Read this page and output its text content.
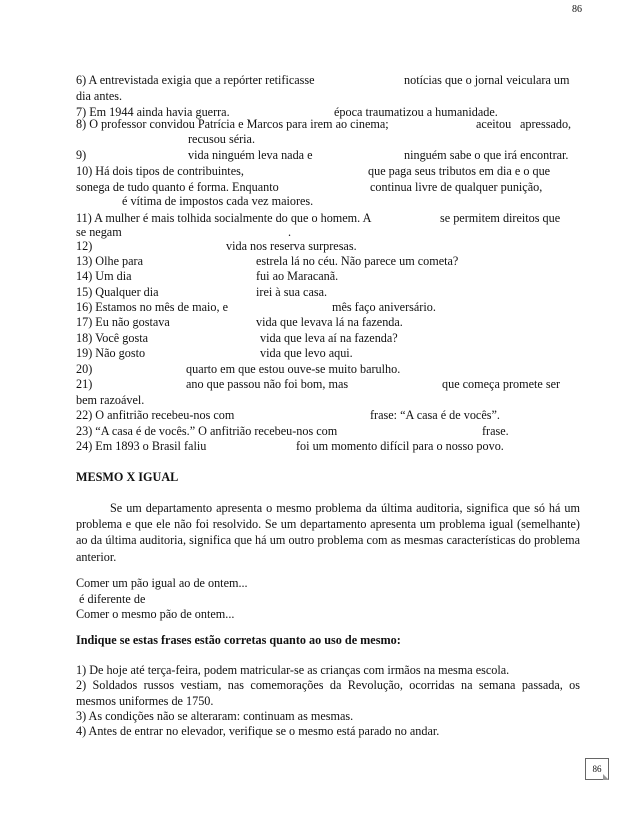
86
6) A entrevistada exigia que a repórter retificasse	notícias que o jornal veiculara um
dia antes.
7) Em 1944 ainda havia guerra.	época traumatizou a humanidade.
8) O professor convidou Patrícia e Marcos para irem ao cinema;	aceitou apressado,
recusou séria.
9)	vida ninguém leva nada e	ninguém sabe o que irá encontrar.
10) Há dois tipos de contribuintes,	que paga seus tributos em dia e o que
sonega de tudo quanto é forma. Enquanto	continua livre de qualquer punição,
é vítima de impostos cada vez maiores.
11) A mulher é mais tolhida socialmente do que o homem. A	se permitem direitos que
se negam	.
12)	vida nos reserva surpresas.
13) Olhe para	estrela lá no céu. Não parece um cometa?
14) Um dia	fui ao Maracanã.
15) Qualquer dia	irei à sua casa.
16) Estamos no mês de maio, e	mês faço aniversário.
17) Eu não gostava	vida que levava lá na fazenda.
18) Você gosta	vida que leva aí na fazenda?
19) Não gosto	vida que levo aqui.
20)	quarto em que estou ouve-se muito barulho.
21)	ano que passou não foi bom, mas	que começa promete ser
bem razoável.
22) O anfitrião recebeu-nos com	frase: “A casa é de vocês”.
23) “A casa é de vocês.” O anfitrião recebeu-nos com	frase.
24) Em 1893 o Brasil faliu	foi um momento difícil para o nosso povo.
MESMO X IGUAL
Se um departamento apresenta o mesmo problema da última auditoria, significa que só há um problema e que ele não foi resolvido. Se um departamento apresenta um problema igual (semelhante) ao da última auditoria, significa que há um outro problema com as mesmas características do problema anterior.
Comer um pão igual ao de ontem...
é diferente de
Comer o mesmo pão de ontem...
Indique se estas frases estão corretas quanto ao uso de mesmo:
1) De hoje até terça-feira, podem matricular-se as crianças com irmãos na mesma escola.
2) Soldados russos vestiam, nas comemorações da Revolução, ocorridas na semana passada, os mesmos uniformes de 1750.
3) As condições não se alteraram: continuam as mesmas.
4) Antes de entrar no elevador, verifique se o mesmo está parado no andar.
86
